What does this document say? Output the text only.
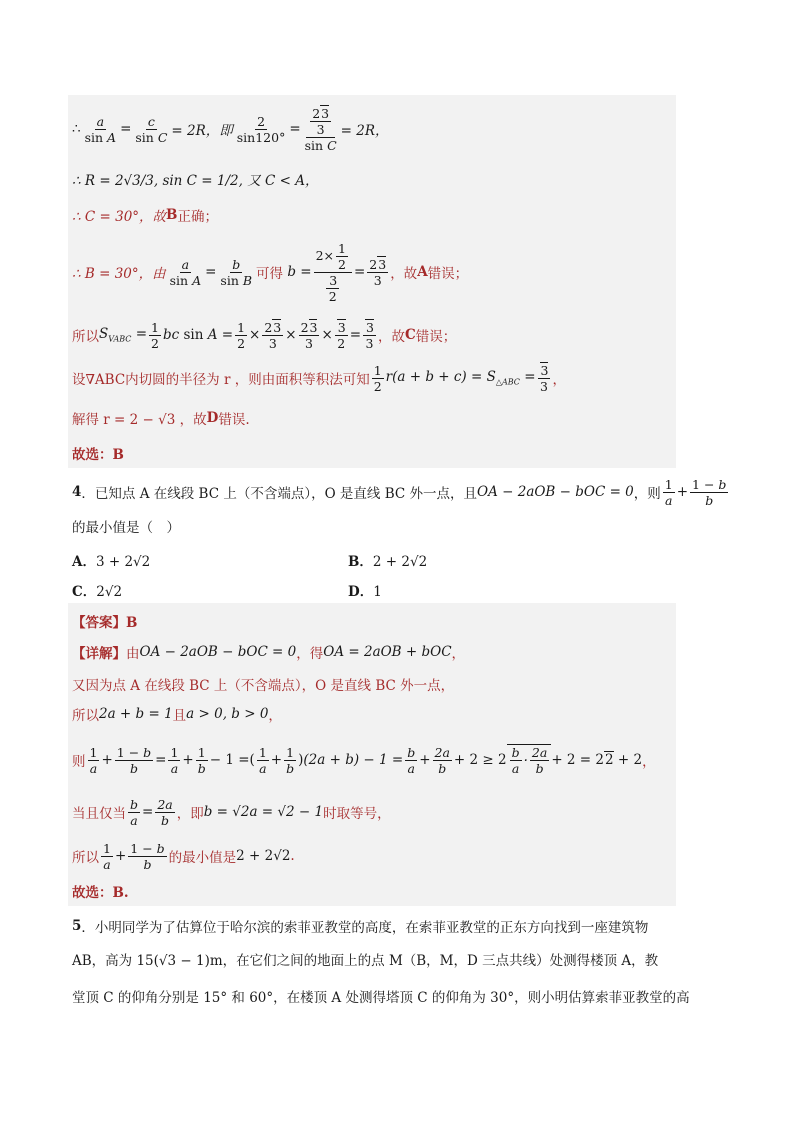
∴ $\frac{a}{\text{sin A}} = \frac{c}{\text{sin C}} = 2R$，即 $\frac{2}{\sin 120^\circ} = \frac{\frac{23}{3}}{\text{sin C}} = 2R$，
∴ R = 2√3/3, sin C = 1/2, 又 C < A，
∴ C = 30°，故 B 正确；
∴ B = 30°，由 $\frac{a}{\text{sin A}} = \frac{b}{\text{sin B}}$ 可得 $b = \frac{2\times \frac{1}{2}}{\frac{3}{2}} = \frac{23}{3}$ ，故 A 错误；
所以 $S_{VABC} = \frac{1}{2}$ bc $\sin A = \frac{1}{2} \times \frac{23}{3} \times \frac{23}{3} \times \frac{3}{2} = \frac{3}{3}$ ，故 C 错误；
设∇ABC内切圆的半径为 r ，则由面积等积法可知 $\frac{1}{2} r(a + b + c) = S_{\triangle ABC} = \frac{3}{3}$ ，
解得 r = 2 − √3 ，故 D 错误.
故选：B
4 ．已知点 A 在线段 BC 上（不含端点），O 是直线 BC 外一点，且 OA − 2aOB − bOC = 0 ，则 $\frac{1}{a} + \frac{1 - b}{b}$
的最小值是（　）
A．3 + 2√2	B．2 + 2√2
C．2√2	D．1
【答案】B
【详解】 由 OA − 2aOB − bOC = 0 ，得 OA = 2aOB + bOC ，
又因为点 A 在线段 BC 上（不含端点），O 是直线 BC 外一点，
所以 2a + b = 1 且 a > 0, b > 0 ，
则 $\frac{1}{a} + \frac{1 - b}{b} = \frac{1}{a} + \frac{1}{b} - 1$ = ( $\frac{1}{a} + \frac{1}{b}$ ) $(2a + b) - 1 = \frac{b}{a} + \frac{2a}{b} + 2 \ge 2 \frac{b}{a} \cdot \frac{2a}{b} + 2 = 22 + 2$ ，
当且仅当 $\frac{b}{a} = \frac{2a}{b}$ ，即 b = √2a = √2 − 1 时取等号，
所以 $\frac{1}{a} + \frac{1 - b}{b}$ 的最小值是 2 + 2√2 .
故选：B.
5 ．小明同学为了估算位于哈尔滨的索菲亚教堂的高度，在索菲亚教堂的正东方向找到一座建筑物
AB，高为 15(√3 − 1)m，在它们之间的地面上的点 M（B，M，D 三点共线）处测得楼顶 A，教
堂顶 C 的仰角分别是 15° 和 60°，在楼顶 A 处测得塔顶 C 的仰角为 30°，则小明估算索菲亚教堂的高
